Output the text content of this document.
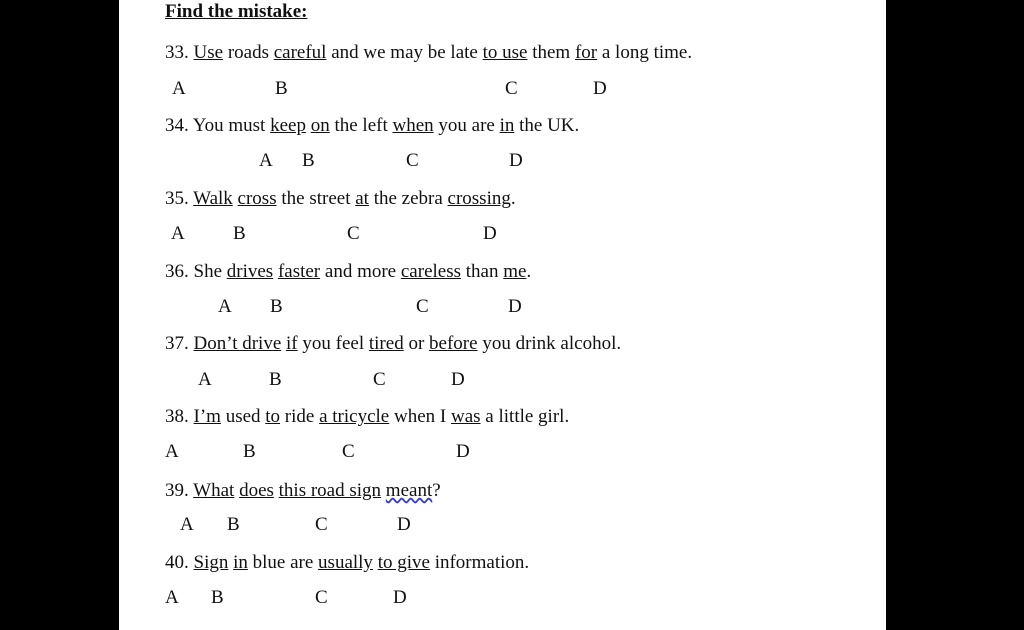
Find the mistake:
33. Use roads careful and we may be late to use them for a long time.
A	B	C	D
34. You must keep on the left when you are in the UK.
A B	C	D
35. Walk cross the street at the zebra crossing.
A	B	C	D
36. She drives faster and more careless than me.
A B	C	D
37. Don’t drive if you feel tired or before you drink alcohol.
A	B	C	D
38. I’m used to ride a tricycle when I was a little girl.
A	B	C	D
39. What does this road sign meant?
A B	C	D
40. Sign in blue are usually to give information.
A B	C	D
